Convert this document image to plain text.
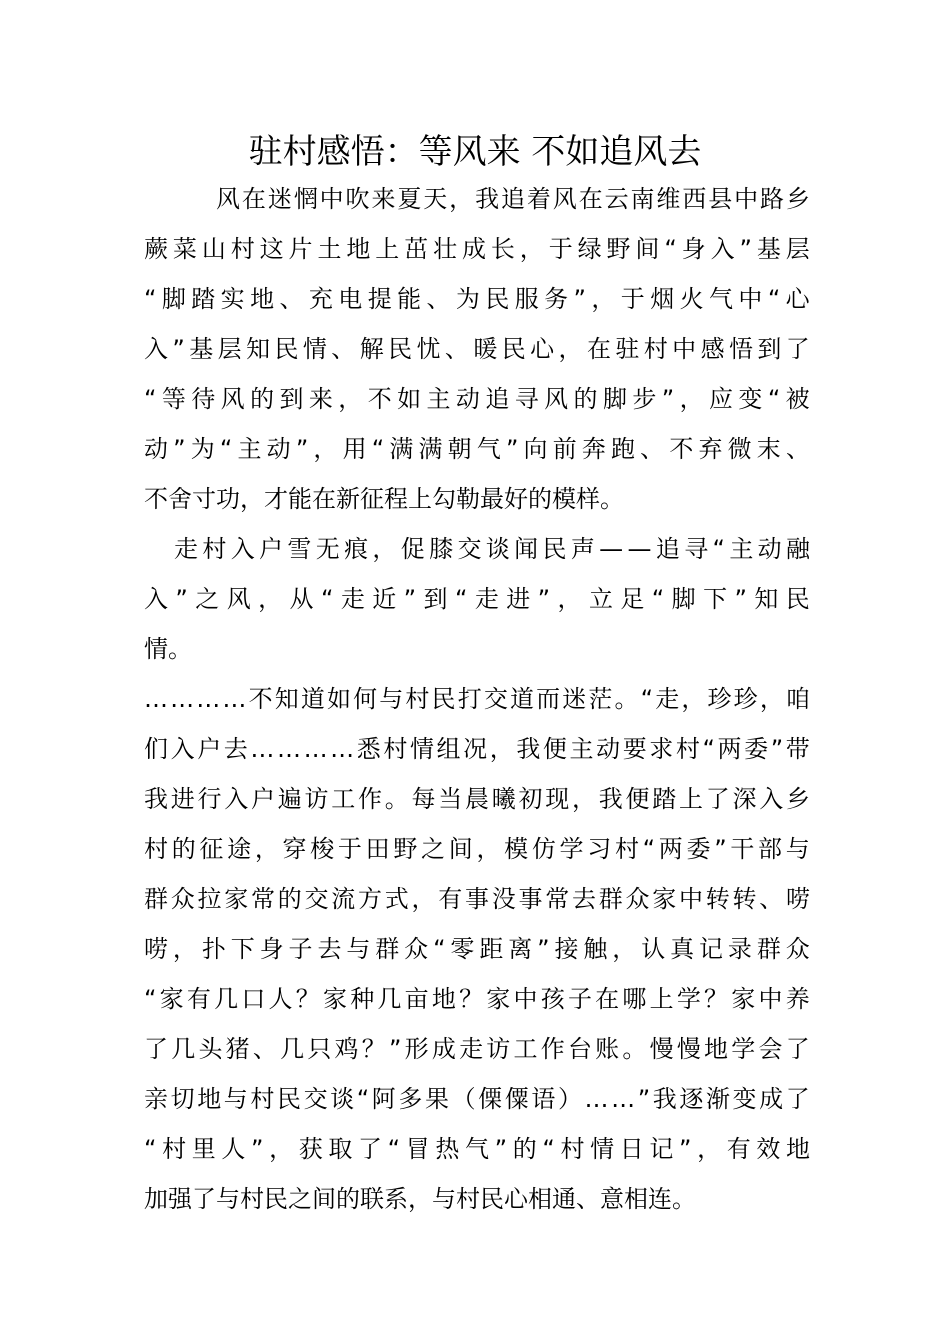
驻村感悟：等风来 不如追风去
风 在 迷 惘 中 吹 来 夏 天 ， 我 追 着 风 在 云 南 维 西 县 中 路 乡
蕨 菜 山 村 这 片 土 地 上 茁 壮 成 长 ， 于 绿 野 间 “ 身 入 ” 基 层
“ 脚 踏 实 地 、 充 电 提 能 、 为 民 服 务 ” ， 于 烟 火 气 中 “ 心
入 ” 基 层 知 民 情 、 解 民 忧 、 暖 民 心 ， 在 驻 村 中 感 悟 到 了
“ 等 待 风 的 到 来 ， 不 如 主 动 追 寻 风 的 脚 步 ” ， 应 变 “ 被
动 ” 为 “ 主 动 ” ， 用 “ 满 满 朝 气 ” 向 前 奔 跑 、 不 弃 微 末 、
不 舍 寸 功 ， 才 能 在 新 征 程 上 勾 勒 最 好 的 模 样 。
走 村 入 户 雪 无 痕 ， 促 膝 交 谈 闻 民 声 — — 追 寻 “ 主 动 融
入 ” 之 风 ， 从 “ 走 近 ” 到 “ 走 进 ” ， 立 足 “ 脚 下 ” 知 民
情 。
… … … … 不 知 道 如 何 与 村 民 打 交 道 而 迷 茫 。 “ 走 ， 珍 珍 ， 咱
们 入 户 去 … … … … 悉 村 情 组 况 ， 我 便 主 动 要 求 村 “ 两 委 ” 带
我 进 行 入 户 遍 访 工 作 。 每 当 晨 曦 初 现 ， 我 便 踏 上 了 深 入 乡
村 的 征 途 ， 穿 梭 于 田 野 之 间 ， 模 仿 学 习 村 “ 两 委 ” 干 部 与
群 众 拉 家 常 的 交 流 方 式 ， 有 事 没 事 常 去 群 众 家 中 转 转 、 唠
唠 ， 扑 下 身 子 去 与 群 众 “ 零 距 离 ” 接 触 ， 认 真 记 录 群 众
“ 家 有 几 口 人 ？ 家 种 几 亩 地 ？ 家 中 孩 子 在 哪 上 学 ？ 家 中 养
了 几 头 猪 、 几 只 鸡 ？ ” 形 成 走 访 工 作 台 账 。 慢 慢 地 学 会 了
亲 切 地 与 村 民 交 谈 “ 阿 多 果 （ 傈 僳 语 ） … … ” 我 逐 渐 变 成 了
“ 村 里 人 ” ， 获 取 了 “ 冒 热 气 ” 的 “ 村 情 日 记 ” ， 有 效 地
加 强 了 与 村 民 之 间 的 联 系 ， 与 村 民 心 相 通 、 意 相 连 。
